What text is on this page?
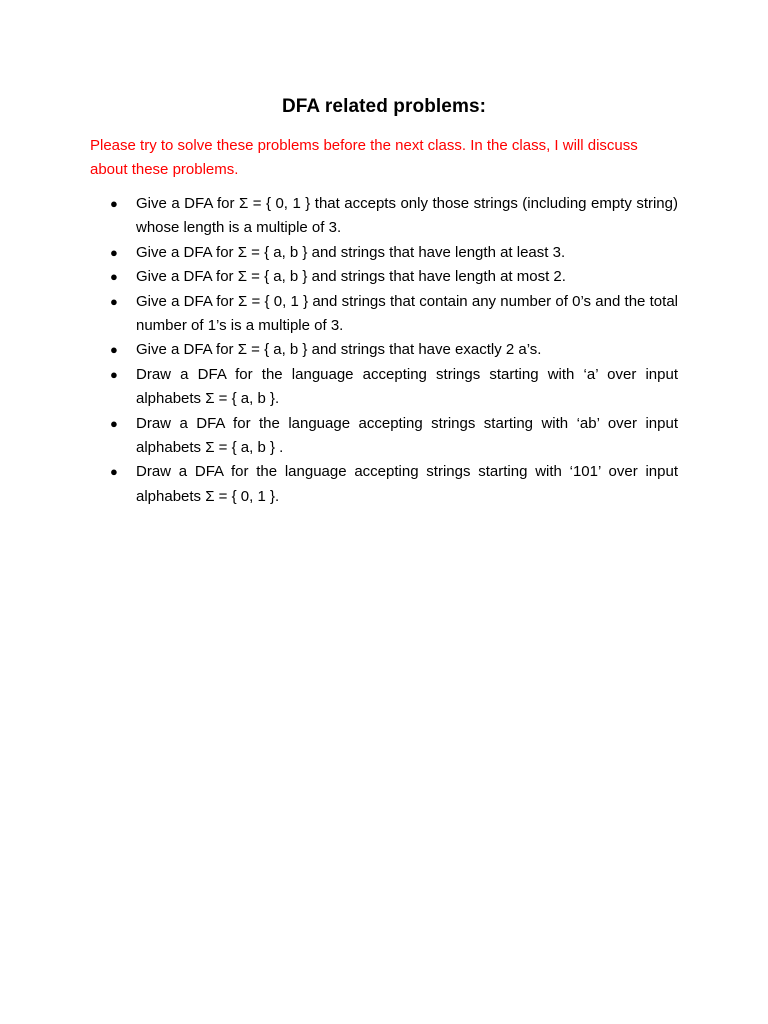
DFA related problems:

Please try to solve these problems before the next class. In the class, I will discuss about these problems.

● Give a DFA for Σ = { 0, 1 } that accepts only those strings (including empty string) whose length is a multiple of 3.
● Give a DFA for Σ = { a, b } and strings that have length at least 3.
● Give a DFA for Σ = { a, b } and strings that have length at most 2.
● Give a DFA for Σ = { 0, 1 } and strings that contain any number of 0’s and the total number of 1’s is a multiple of 3.
● Give a DFA for Σ = { a, b } and strings that have exactly 2 a’s.
● Draw a DFA for the language accepting strings starting with ‘a’ over input alphabets Σ = { a, b }.
● Draw a DFA for the language accepting strings starting with ‘ab’ over input alphabets Σ = { a, b } .
● Draw a DFA for the language accepting strings starting with ‘101’ over input alphabets Σ = { 0, 1 }.
